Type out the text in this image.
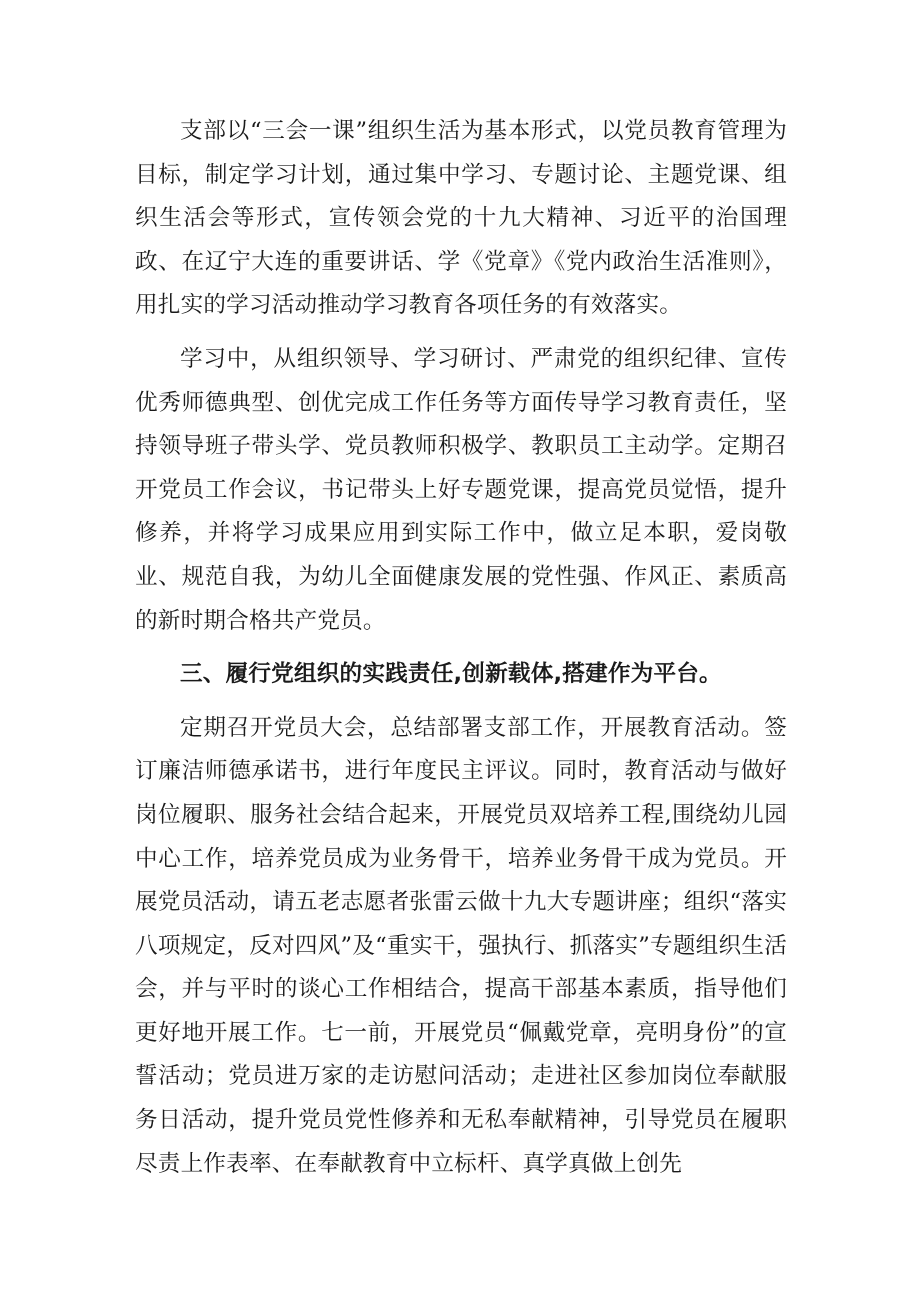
支部以“三会一课”组织生活为基本形式，以党员教育管理为目标，制定学习计划，通过集中学习、专题讨论、主题党课、组织生活会等形式，宣传领会党的十九大精神、习近平的治国理政、在辽宁大连的重要讲话、学《党章》《党内政治生活准则》，用扎实的学习活动推动学习教育各项任务的有效落实。

学习中，从组织领导、学习研讨、严肃党的组织纪律、宣传优秀师德典型、创优完成工作任务等方面传导学习教育责任，坚持领导班子带头学、党员教师积极学、教职员工主动学。定期召开党员工作会议，书记带头上好专题党课，提高党员觉悟，提升修养，并将学习成果应用到实际工作中，做立足本职，爱岗敬业、规范自我，为幼儿全面健康发展的党性强、作风正、素质高的新时期合格共产党员。

三、履行党组织的实践责任,创新载体,搭建作为平台。

定期召开党员大会，总结部署支部工作，开展教育活动。签订廉洁师德承诺书，进行年度民主评议。同时，教育活动与做好岗位履职、服务社会结合起来，开展党员双培养工程,围绕幼儿园中心工作，培养党员成为业务骨干，培养业务骨干成为党员。开展党员活动，请五老志愿者张雷云做十九大专题讲座；组织“落实八项规定，反对四风”及“重实干，强执行、抓落实”专题组织生活会，并与平时的谈心工作相结合，提高干部基本素质，指导他们更好地开展工作。七一前，开展党员“佩戴党章，亮明身份”的宣誓活动；党员进万家的走访慰问活动；走进社区参加岗位奉献服务日活动，提升党员党性修养和无私奉献精神，引导党员在履职尽责上作表率、在奉献教育中立标杆、真学真做上创先
